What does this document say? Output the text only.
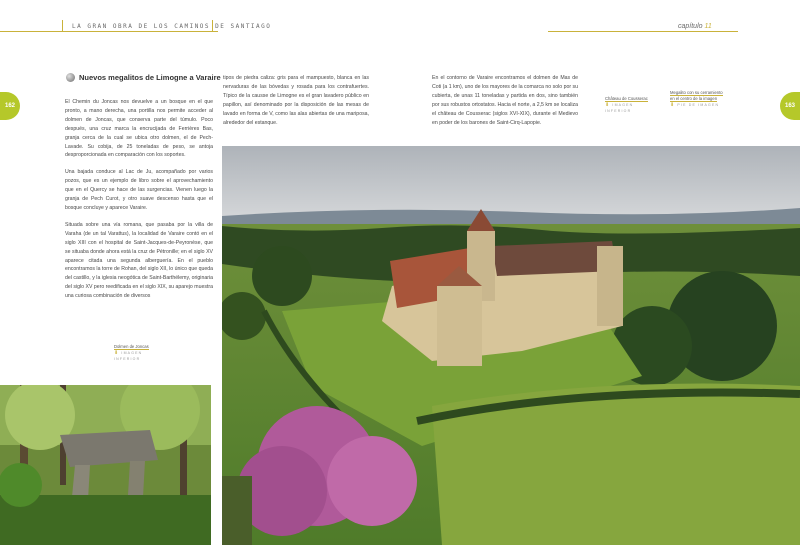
LA GRAN OBRA DE LOS CAMINOS DE SANTIAGO	capítulo 11
162	163
Nuevos megalitos de Limogne a Varaire

El Chemin du Joncas nos devuelve a un bosque en el que pronto, a mano derecha, una portilla nos permite acceder al dolmen de Joncas, que conserva parte del túmulo. Poco después, una cruz marca la encrucijada de Ferrières Bas, granja cerca de la cual se ubica otro dolmen, el de Pech-Lavade. Su cobija, de 25 toneladas de peso, se antoja desproporcionada en comparación con los soportes.

Una bajada conduce al Lac de Ju, acompañado por varios pozos, que es un ejemplo de libro sobre el aprovechamiento que en el Quercy se hace de las surgencias. Vienen luego la granja de Pech Curot, y otro suave descenso hasta que el bosque concluye y aparece Varaire.

Situada sobre una vía romana, que pasaba por la villa de Varaha (de un tal Varattus), la localidad de Varaire contó en el siglo XIII con el hospital de Saint-Jacques-de-Peyronèse, que se situaba donde ahora está la cruz de Pétronille; en el siglo XV aparece citada una segunda alberguería. En el pueblo encontramos la torre de Rohan, del siglo XII, lo único que queda del castillo, y la iglesia neogótica de Saint-Barthélemy, originaria del siglo XV pero reedificada en el siglo XIX, su aparejo muestra una curiosa combinación de diversos

tipos de piedra caliza: gris para el mampuesto, blanca en las nervaduras de las bóvedas y rosada para los contrafuertes. Típico de la causse de Limogne es el gran lavadero público en papillon, así denominado por la disposición de las mesas de lavado en forma de V, como las alas abiertas de una mariposa, alrededor del estanque.

En el contorno de Varaire encontramos el dolmen de Mas de Coti (a 1 km), uno de los mayores de la comarca no solo por su cubierta, de unas 11 toneladas y partida en dos, sino también por sus robustos ortostatos. Hacia el norte, a 2,5 km se localiza el château de Cousserac (siglos XVI-XIX), durante el Medievo en poder de los barones de Saint-Cirq-Lapopie.

Dolmen de Joncas
⬇ IMAGEN INFERIOR
Château de Cousserac
⬇ IMAGEN INFERIOR
Megalito con su cerramiento en el centro de la imagen
⬇ PIE DE IMAGEN
